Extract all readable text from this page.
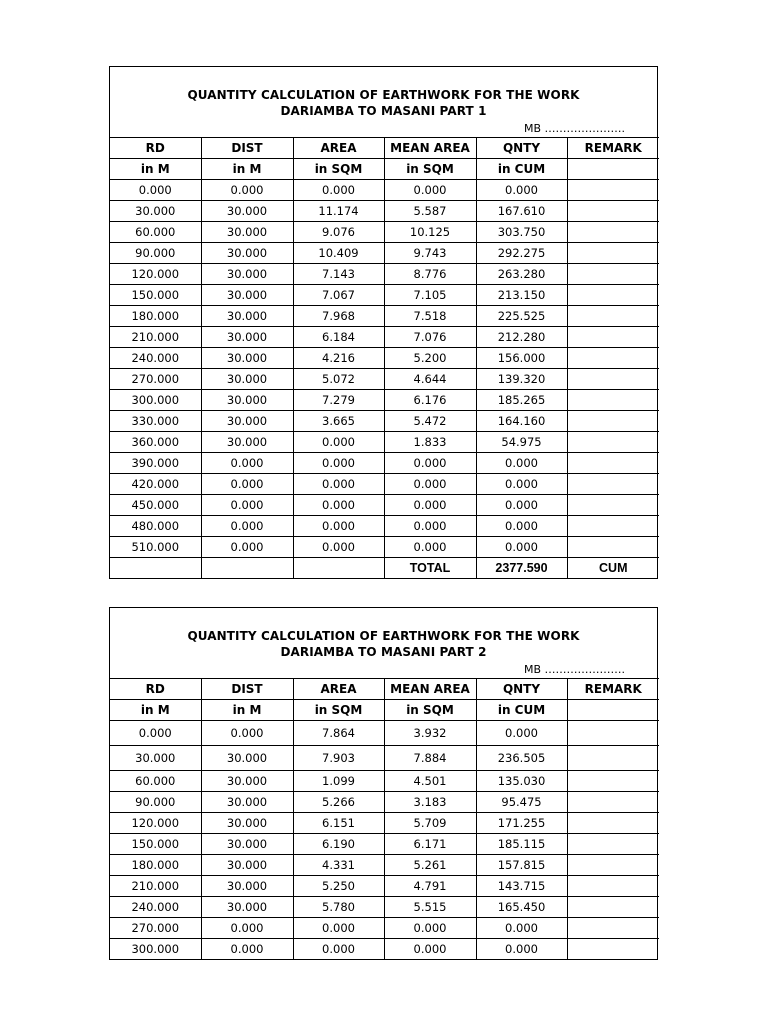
QUANTITY CALCULATION OF EARTHWORK FOR THE WORK
DARIAMBA TO MASANI PART 1
MB ………………….
RD	DIST	AREA	MEAN AREA	QNTY	REMARK
in M	in M	in SQM	in SQM	in CUM	
0.000	0.000	0.000	0.000	0.000	
30.000	30.000	11.174	5.587	167.610	
60.000	30.000	9.076	10.125	303.750	
90.000	30.000	10.409	9.743	292.275	
120.000	30.000	7.143	8.776	263.280	
150.000	30.000	7.067	7.105	213.150	
180.000	30.000	7.968	7.518	225.525	
210.000	30.000	6.184	7.076	212.280	
240.000	30.000	4.216	5.200	156.000	
270.000	30.000	5.072	4.644	139.320	
300.000	30.000	7.279	6.176	185.265	
330.000	30.000	3.665	5.472	164.160	
360.000	30.000	0.000	1.833	54.975	
390.000	0.000	0.000	0.000	0.000	
420.000	0.000	0.000	0.000	0.000	
450.000	0.000	0.000	0.000	0.000	
480.000	0.000	0.000	0.000	0.000	
510.000	0.000	0.000	0.000	0.000	
			TOTAL	2377.590	CUM
QUANTITY CALCULATION OF EARTHWORK FOR THE WORK
DARIAMBA TO MASANI PART 2
MB ………………….
RD	DIST	AREA	MEAN AREA	QNTY	REMARK
in M	in M	in SQM	in SQM	in CUM	
0.000	0.000	7.864	3.932	0.000	
30.000	30.000	7.903	7.884	236.505	
60.000	30.000	1.099	4.501	135.030	
90.000	30.000	5.266	3.183	95.475	
120.000	30.000	6.151	5.709	171.255	
150.000	30.000	6.190	6.171	185.115	
180.000	30.000	4.331	5.261	157.815	
210.000	30.000	5.250	4.791	143.715	
240.000	30.000	5.780	5.515	165.450	
270.000	0.000	0.000	0.000	0.000	
300.000	0.000	0.000	0.000	0.000	
